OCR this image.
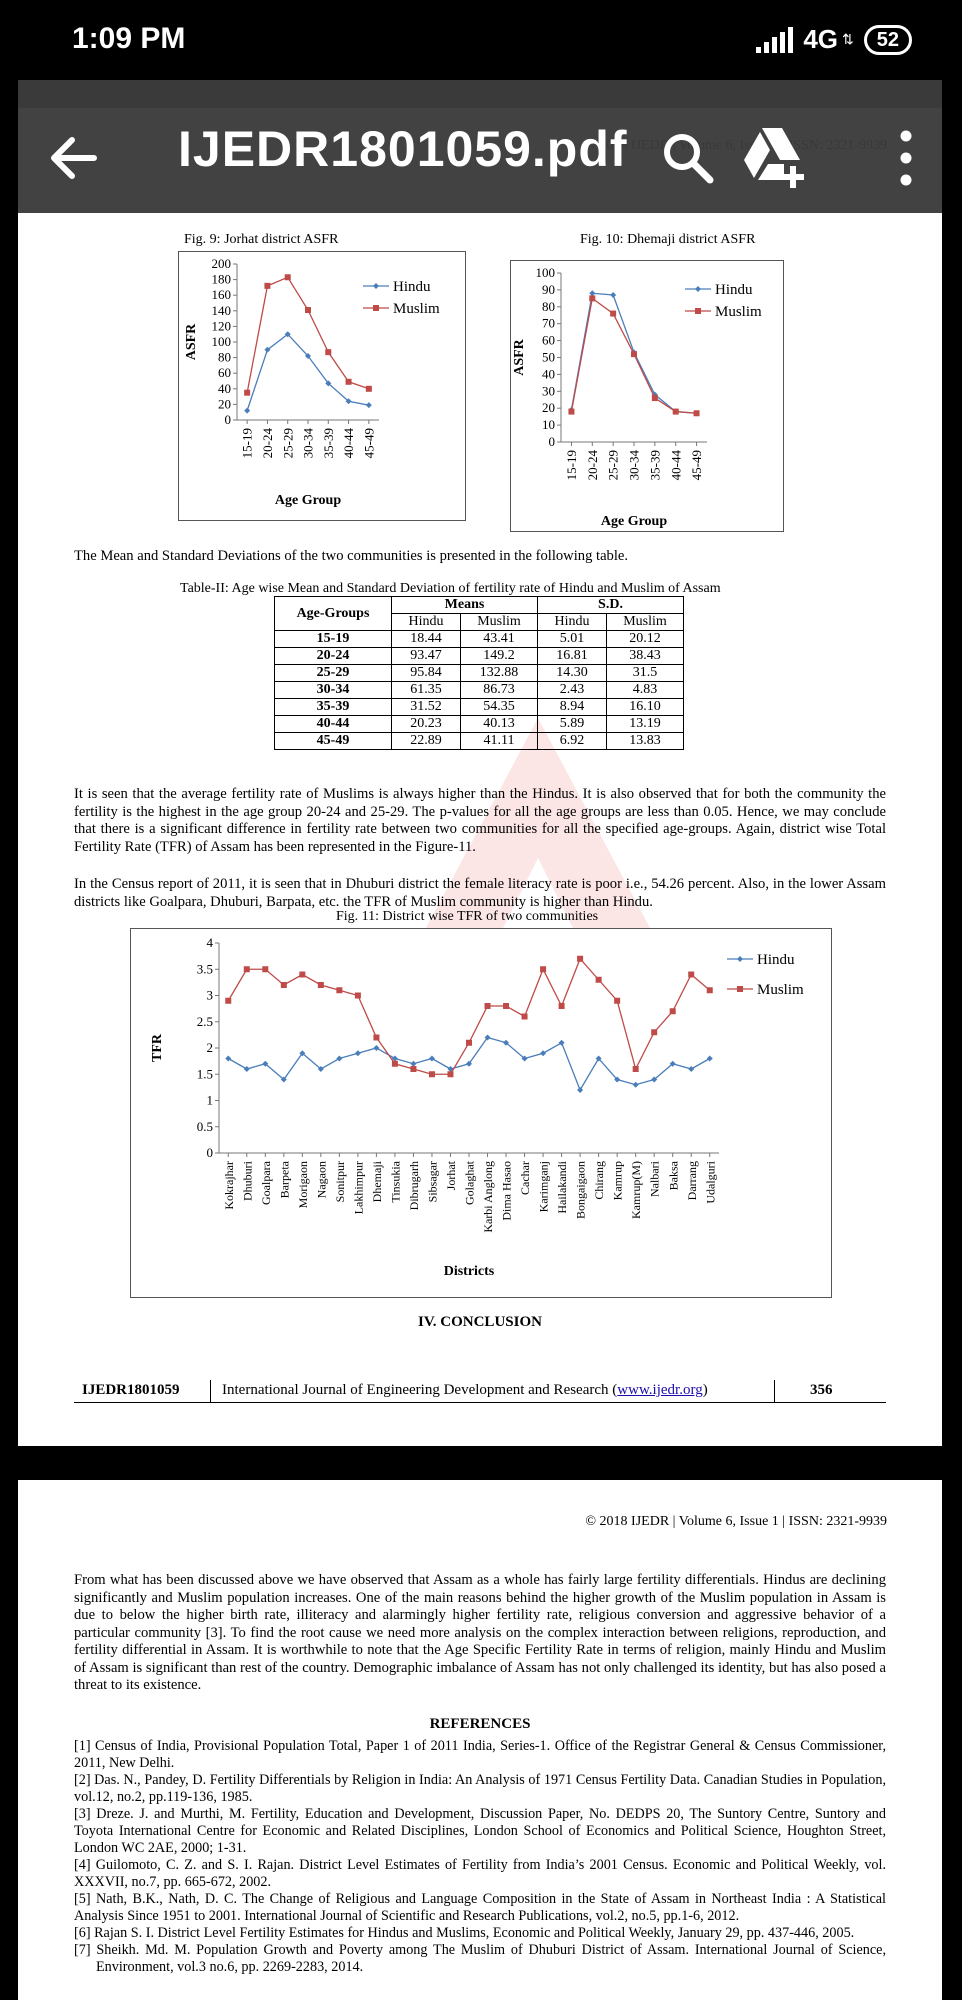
1:09 PM	4G ⇅	52
Fig. 9: Jorhat district ASFR	Fig. 10: Dhemaji district ASFR
0
20
40
60
80
100
120
140
160
180
200
15-19 20-24 25-29 30-34 35-39 40-44 45-49
Age Group
ASFR
Hindu
Muslim
0
10
20
30
40
50
60
70
80
90
100
15-19 20-24 25-29 30-34 35-39 40-44 45-49
Age Group
ASFR
Hindu
Muslim
The Mean and Standard Deviations of the two communities is presented in the following table.
Table-II: Age wise Mean and Standard Deviation of fertility rate of Hindu and Muslim of Assam
Age-Groups	Means		S.D.	
	Hindu	Muslim	Hindu	Muslim
15-19	18.44	43.41	5.01	20.12
20-24	93.47	149.2	16.81	38.43
25-29	95.84	132.88	14.30	31.5
30-34	61.35	86.73	2.43	4.83
35-39	31.52	54.35	8.94	16.10
40-44	20.23	40.13	5.89	13.19
45-49	22.89	41.11	6.92	13.83
It is seen that the average fertility rate of Muslims is always higher than the Hindus. It is also observed that for both the community the fertility is the highest in the age group 20-24 and 25-29. The p-values for all the age groups are less than 0.05. Hence, we may conclude that there is a significant difference in fertility rate between two communities for all the specified age-groups. Again, district wise Total Fertility Rate (TFR) of Assam has been represented in the Figure-11.
In the Census report of 2011, it is seen that in Dhuburi district the female literacy rate is poor i.e., 54.26 percent. Also, in the lower Assam districts like Goalpara, Dhuburi, Barpata, etc. the TFR of Muslim community is higher than Hindu.
Fig. 11: District wise TFR of two communities
0
0.5
1
1.5
2
2.5
3
3.5
4
Kokrajhar Dhuburi Goalpara Barpeta Morigaon Nagaon Sonitpur Lakhimpur Dhemaji Tinsukia Dibrugarh Sibsagar Jorhat Golaghat Karbi Anglong Dima Hasao Cachar Karimganj Hailakandi Bongaigaon Chirang Kamrup Kamrup(M) Nalbari Baksa Darrang Udalguri
Districts
TFR
Hindu
Muslim
IV. CONCLUSION
IJEDR1801059	International Journal of Engineering Development and Research (www.ijedr.org)	356
IJEDR1801059.pdf
© 2018 IJEDR | Volume 6, Issue 1 | ISSN: 2321-9939
From what has been discussed above we have observed that Assam as a whole has fairly large fertility differentials. Hindus are declining significantly and Muslim population increases. One of the main reasons behind the higher growth of the Muslim population in Assam is due to below the higher birth rate, illiteracy and alarmingly higher fertility rate, religious conversion and aggressive behavior of a particular community [3]. To find the root cause we need more analysis on the complex interaction between religions, reproduction, and fertility differential in Assam. It is worthwhile to note that the Age Specific Fertility Rate in terms of religion, mainly Hindu and Muslim of Assam is significant than rest of the country. Demographic imbalance of Assam has not only challenged its identity, but has also posed a threat to its existence.
REFERENCES
[1] Census of India, Provisional Population Total, Paper 1 of 2011 India, Series-1. Office of the Registrar General & Census Commissioner, 2011, New Delhi.
[2] Das. N., Pandey, D. Fertility Differentials by Religion in India: An Analysis of 1971 Census Fertility Data. Canadian Studies in Population, vol.12, no.2, pp.119-136, 1985.
[3] Dreze. J. and Murthi, M. Fertility, Education and Development, Discussion Paper, No. DEDPS 20, The Suntory Centre, Suntory and Toyota International Centre for Economic and Related Disciplines, London School of Economics and Political Science, Houghton Street, London WC 2AE, 2000; 1-31.
[4] Guilomoto, C. Z. and S. I. Rajan. District Level Estimates of Fertility from India’s 2001 Census. Economic and Political Weekly, vol. XXXVII, no.7, pp. 665-672, 2002.
[5] Nath, B.K., Nath, D. C. The Change of Religious and Language Composition in the State of Assam in Northeast India : A Statistical Analysis Since 1951 to 2001. International Journal of Scientific and Research Publications, vol.2, no.5, pp.1-6, 2012.
[6] Rajan S. I. District Level Fertility Estimates for Hindus and Muslims, Economic and Political Weekly, January 29, pp. 437-446, 2005.
[7] Sheikh. Md. M. Population Growth and Poverty among The Muslim of Dhuburi District of Assam. International Journal of Science, Environment, vol.3 no.6, pp. 2269-2283, 2014.
